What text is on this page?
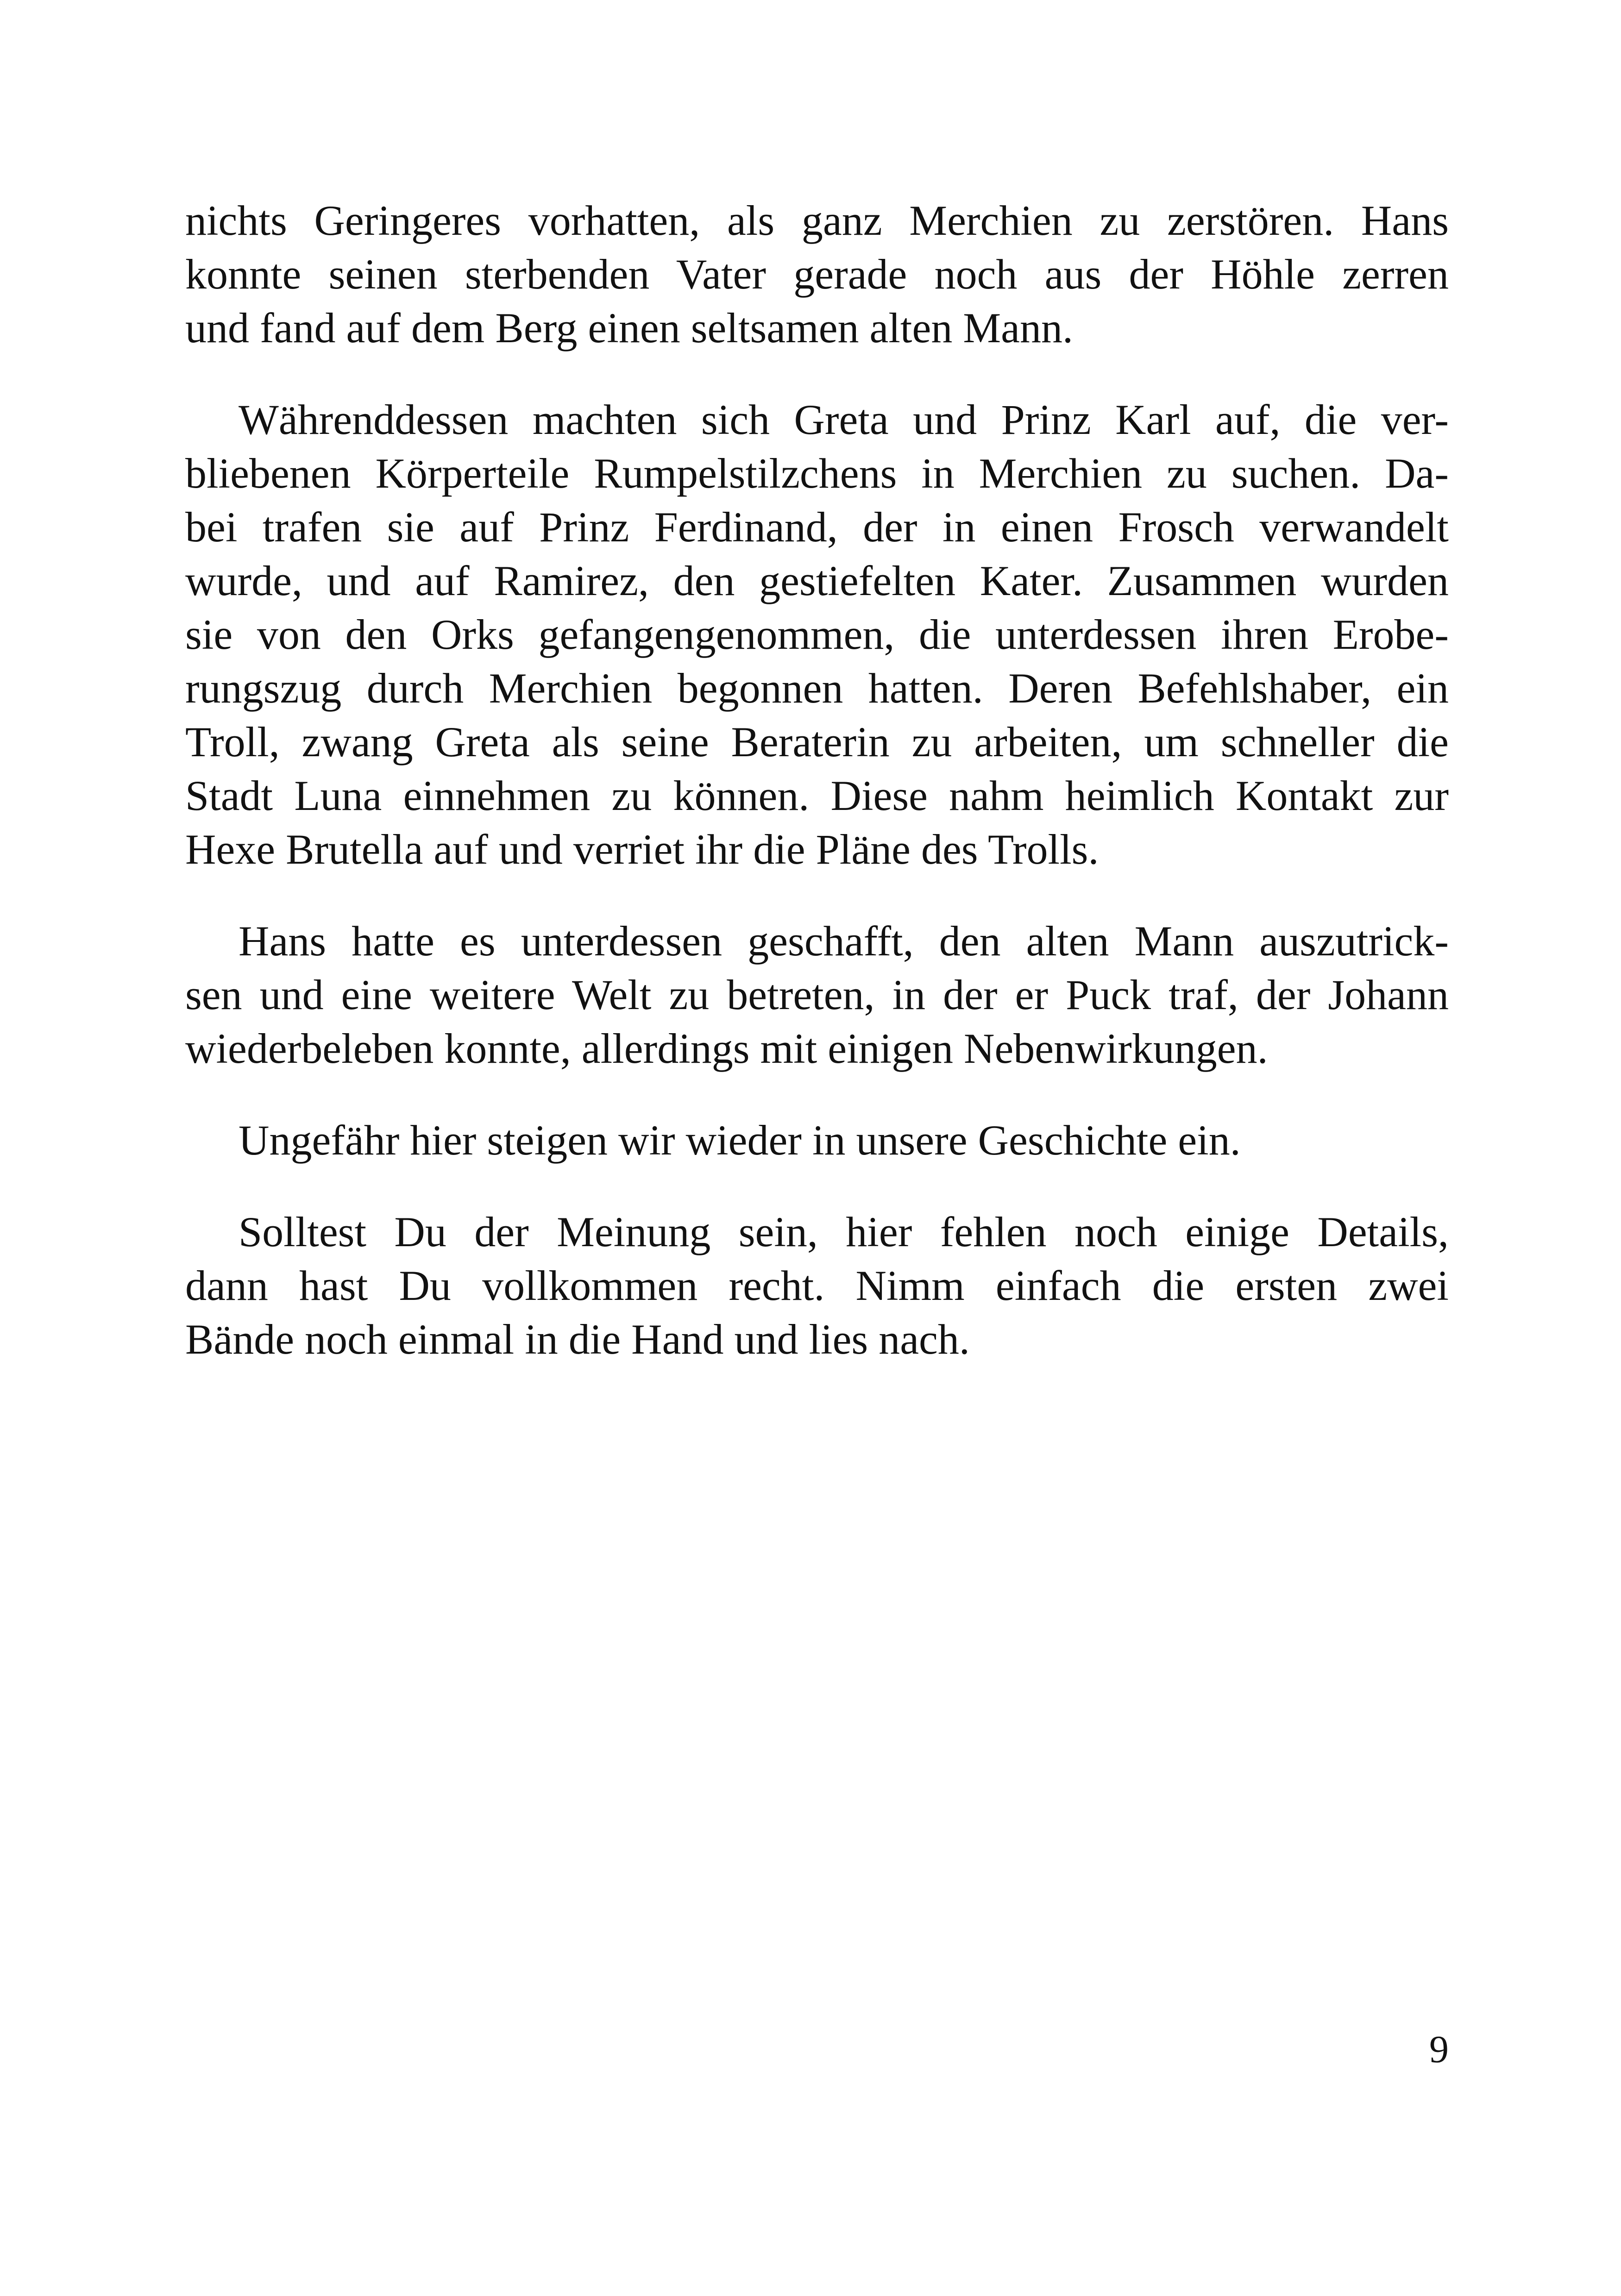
nichts Geringeres vorhatten, als ganz Merchien zu zerstören. Hans
konnte seinen sterbenden Vater gerade noch aus der Höhle zerren
und fand auf dem Berg einen seltsamen alten Mann.
Währenddessen machten sich Greta und Prinz Karl auf, die ver-
bliebenen Körperteile Rumpelstilzchens in Merchien zu suchen. Da-
bei trafen sie auf Prinz Ferdinand, der in einen Frosch verwandelt
wurde, und auf Ramirez, den gestiefelten Kater. Zusammen wurden
sie von den Orks gefangengenommen, die unterdessen ihren Erobe-
rungszug durch Merchien begonnen hatten. Deren Befehlshaber, ein
Troll, zwang Greta als seine Beraterin zu arbeiten, um schneller die
Stadt Luna einnehmen zu können. Diese nahm heimlich Kontakt zur
Hexe Brutella auf und verriet ihr die Pläne des Trolls.
Hans hatte es unterdessen geschafft, den alten Mann auszutrick-
sen und eine weitere Welt zu betreten, in der er Puck traf, der Johann
wiederbeleben konnte, allerdings mit einigen Nebenwirkungen.
Ungefähr hier steigen wir wieder in unsere Geschichte ein.
Solltest Du der Meinung sein, hier fehlen noch einige Details,
dann hast Du vollkommen recht. Nimm einfach die ersten zwei
Bände noch einmal in die Hand und lies nach.
9
